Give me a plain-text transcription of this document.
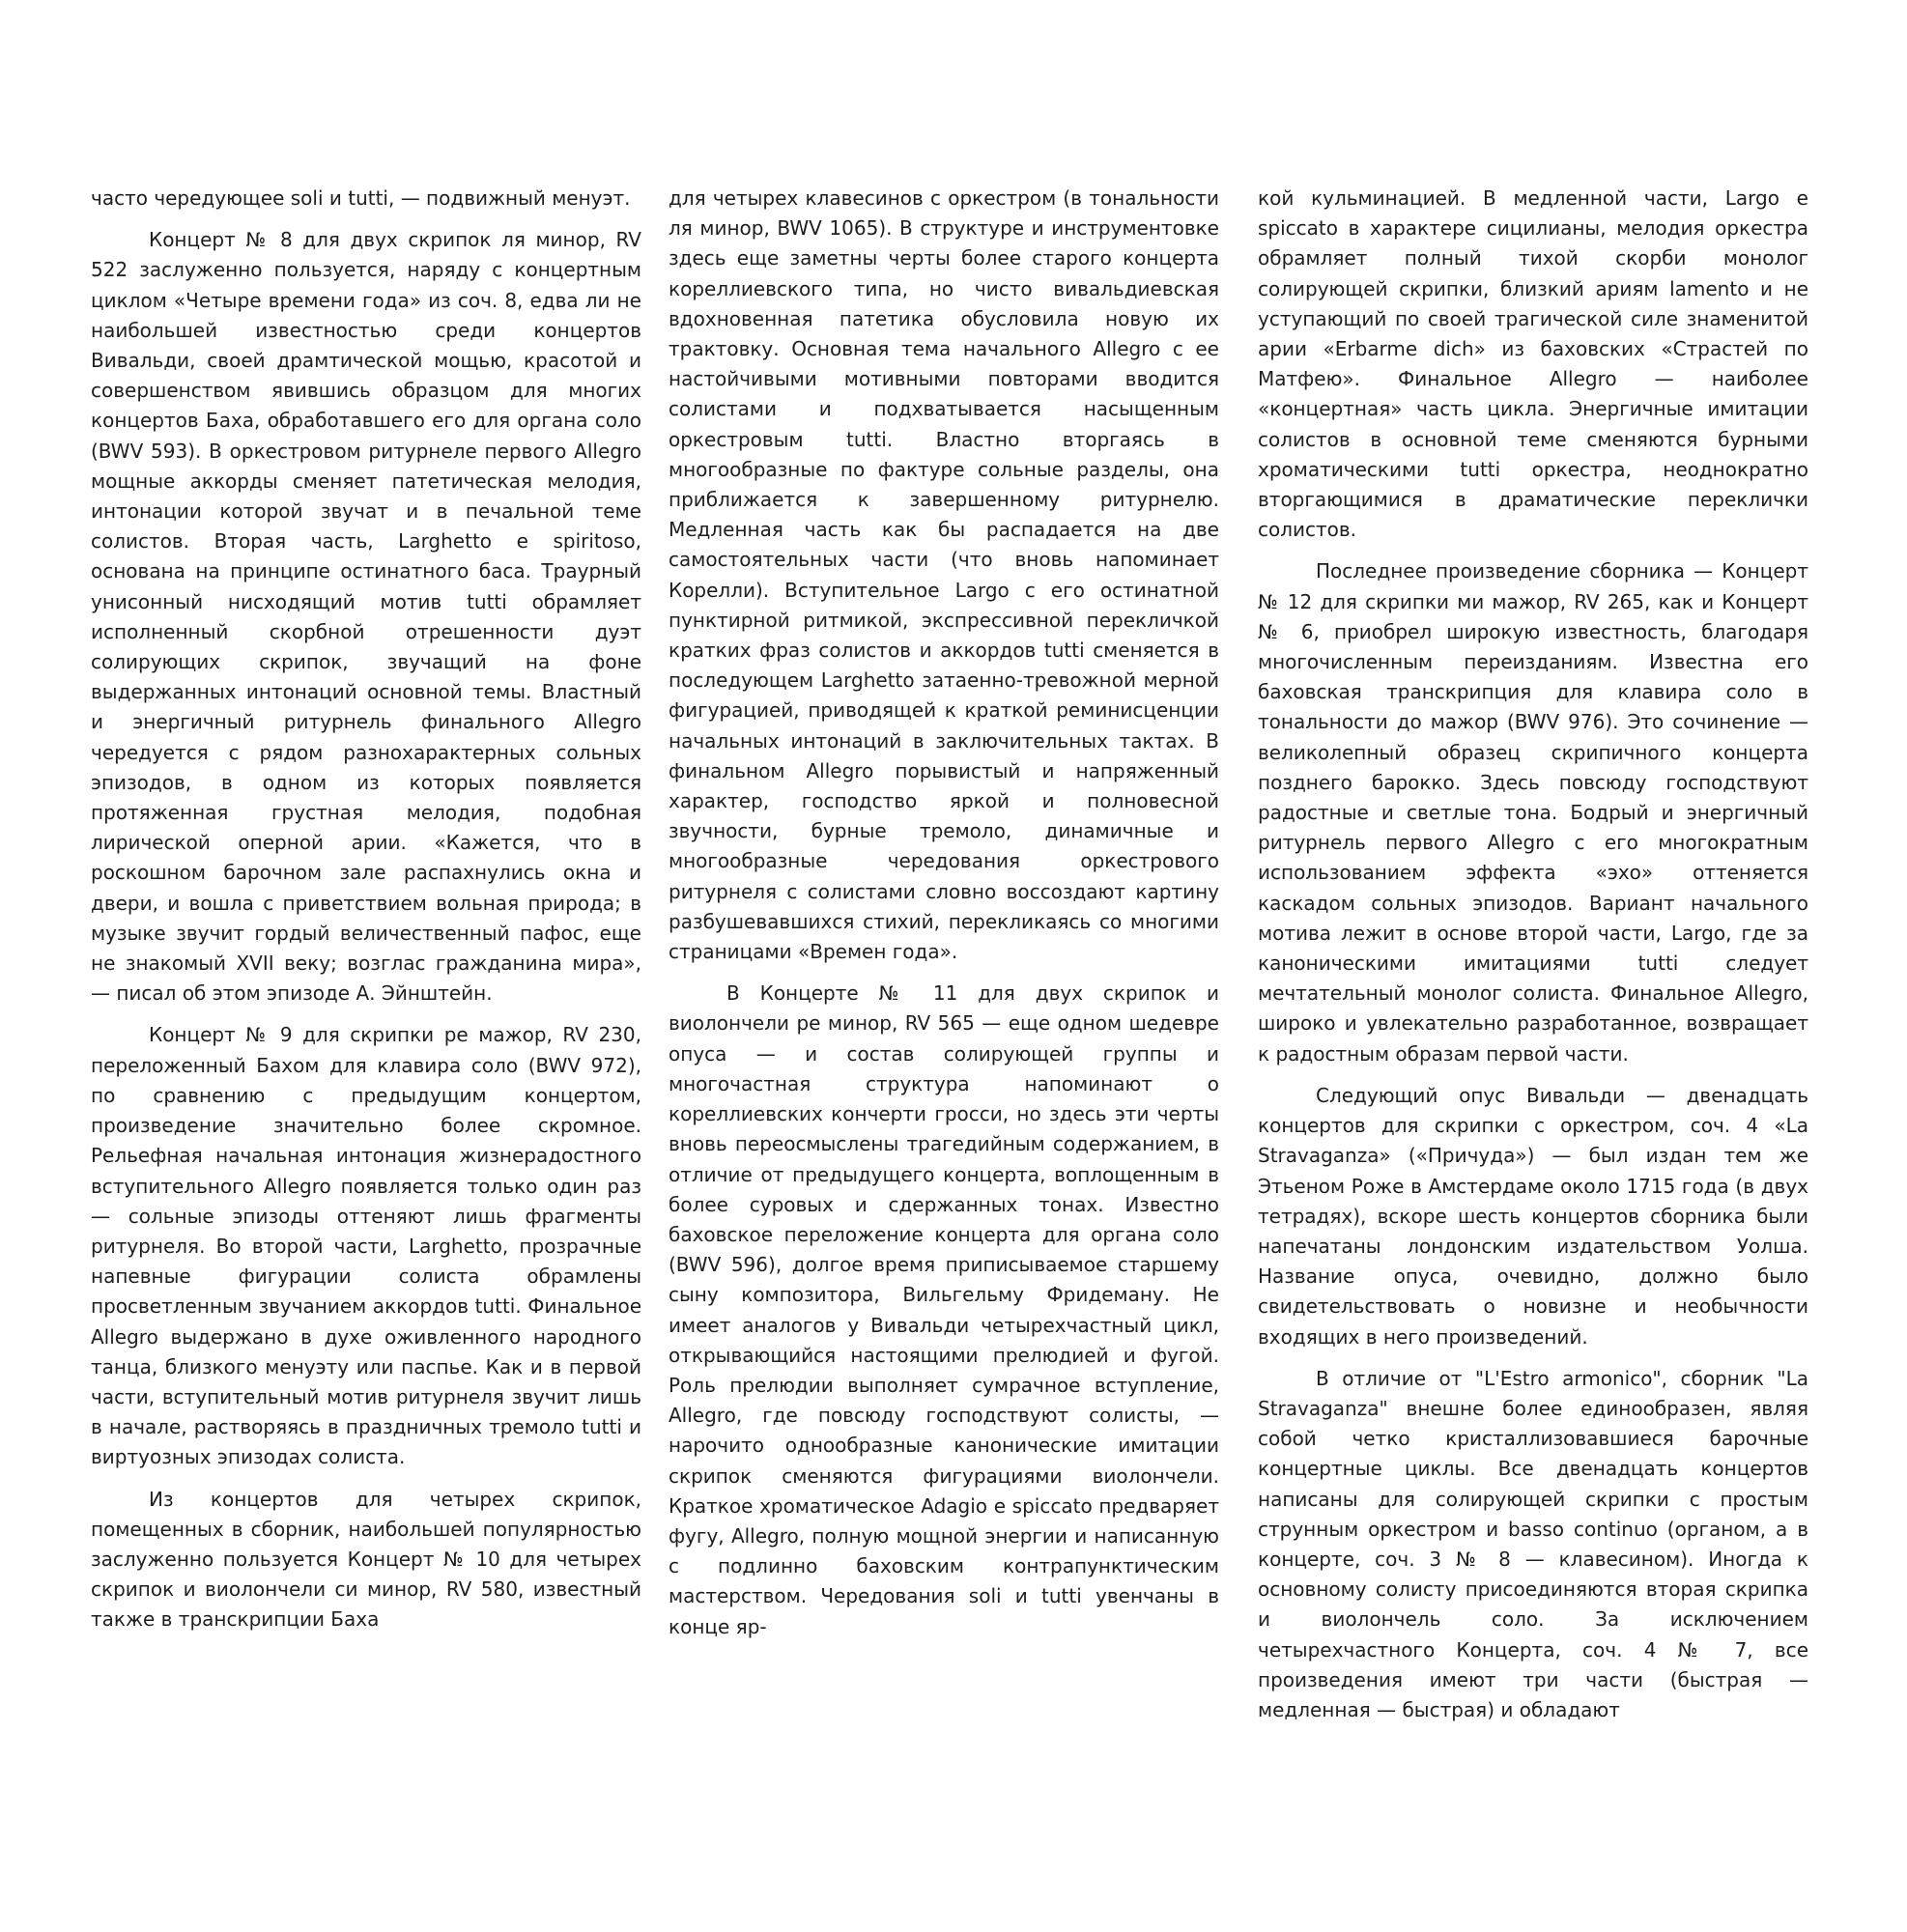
часто чередующее soli и tutti, — подвижный менуэт.

Концерт № 8 для двух скрипок ля минор, RV 522 заслуженно пользуется, наряду с концертным циклом «Четыре времени года» из соч. 8, едва ли не наибольшей известностью среди концертов Вивальди, своей драмтической мощью, красотой и совершенством явившись образцом для многих концертов Баха, обработавшего его для органа соло (BWV 593). В оркестровом ритурнеле первого Allegro мощные аккорды сменяет патетическая мелодия, интонации которой звучат и в печальной теме солистов. Вторая часть, Larghetto e spiritoso, основана на принципе остинатного баса. Траурный унисонный нисходящий мотив tutti обрамляет исполненный скорбной отрешенности дуэт солирующих скрипок, звучащий на фоне выдержанных интонаций основной темы. Властный и энергичный ритурнель финального Allegro чередуется с рядом разнохарактерных сольных эпизодов, в одном из которых появляется протяженная грустная мелодия, подобная лирической оперной арии. «Кажется, что в роскошном барочном зале распахнулись окна и двери, и вошла с приветствием вольная природа; в музыке звучит гордый величественный пафос, еще не знакомый XVII веку; возглас гражданина мира», — писал об этом эпизоде А. Эйнштейн.

Концерт № 9 для скрипки ре мажор, RV 230, переложенный Бахом для клавира соло (BWV 972), по сравнению с предыдущим концертом, произведение значительно более скромное. Рельефная начальная интонация жизнерадостного вступительного Allegro появляется только один раз — сольные эпизоды оттеняют лишь фрагменты ритурнеля. Во второй части, Larghetto, прозрачные напевные фигурации солиста обрамлены просветленным звучанием аккордов tutti. Финальное Allegro выдержано в духе оживленного народного танца, близкого менуэту или паспье. Как и в первой части, вступительный мотив ритурнеля звучит лишь в начале, растворяясь в праздничных тремоло tutti и виртуозных эпизодах солиста.

Из концертов для четырех скрипок, помещенных в сборник, наибольшей популярностью заслуженно пользуется Концерт № 10 для четырех скрипок и виолончели си минор, RV 580, известный также в транскрипции Баха

для четырех клавесинов с оркестром (в тональности ля минор, BWV 1065). В структуре и инструментовке здесь еще заметны черты более старого концерта кореллиевского типа, но чисто вивальдиевская вдохновенная патетика обусловила новую их трактовку. Основная тема начального Allegro с ее настойчивыми мотивными повторами вводится солистами и подхватывается насыщенным оркестровым tutti. Властно вторгаясь в многообразные по фактуре сольные разделы, она приближается к завершенному ритурнелю. Медленная часть как бы распадается на две самостоятельных части (что вновь напоминает Корелли). Вступительное Largo с его остинатной пунктирной ритмикой, экспрессивной перекличкой кратких фраз солистов и аккордов tutti сменяется в последующем Larghetto затаенно-тревожной мерной фигурацией, приводящей к краткой реминисценции начальных интонаций в заключительных тактах. В финальном Allegro порывистый и напряженный характер, господство яркой и полновесной звучности, бурные тремоло, динамичные и многообразные чередования оркестрового ритурнеля с солистами словно воссоздают картину разбушевавшихся стихий, перекликаясь со многими страницами «Времен года».

В Концерте № 11 для двух скрипок и виолончели ре минор, RV 565 — еще одном шедевре опуса — и состав солирующей группы и многочастная структура напоминают о кореллиевских кончерти гросси, но здесь эти черты вновь переосмыслены трагедийным содержанием, в отличие от предыдущего концерта, воплощенным в более суровых и сдержанных тонах. Известно баховское переложение концерта для органа соло (BWV 596), долгое время приписываемое старшему сыну композитора, Вильгельму Фридеману. Не имеет аналогов у Вивальди четырехчастный цикл, открывающийся настоящими прелюдией и фугой. Роль прелюдии выполняет сумрачное вступление, Allegro, где повсюду господствуют солисты, — нарочито однообразные канонические имитации скрипок сменяются фигурациями виолончели. Краткое хроматическое Adagio e spiccato предваряет фугу, Allegro, полную мощной энергии и написанную с подлинно баховским контрапунктическим мастерством. Чередования soli и tutti увенчаны в конце яр-

кой кульминацией. В медленной части, Largo e spiccato в характере сицилианы, мелодия оркестра обрамляет полный тихой скорби монолог солирующей скрипки, близкий ариям lamento и не уступающий по своей трагической силе знаменитой арии «Erbarme dich» из баховских «Страстей по Матфею». Финальное Allegro — наиболее «концертная» часть цикла. Энергичные имитации солистов в основной теме сменяются бурными хроматическими tutti оркестра, неоднократно вторгающимися в драматические переклички солистов.

Последнее произведение сборника — Концерт № 12 для скрипки ми мажор, RV 265, как и Концерт № 6, приобрел широкую известность, благодаря многочисленным переизданиям. Известна его баховская транскрипция для клавира соло в тональности до мажор (BWV 976). Это сочинение — великолепный образец скрипичного концерта позднего барокко. Здесь повсюду господствуют радостные и светлые тона. Бодрый и энергичный ритурнель первого Allegro с его многократным использованием эффекта «эхо» оттеняется каскадом сольных эпизодов. Вариант начального мотива лежит в основе второй части, Largo, где за каноническими имитациями tutti следует мечтательный монолог солиста. Финальное Allegro, широко и увлекательно разработанное, возвращает к радостным образам первой части.

Следующий опус Вивальди — двенадцать концертов для скрипки с оркестром, соч. 4 «La Stravaganza» («Причуда») — был издан тем же Этьеном Роже в Амстердаме около 1715 года (в двух тетрадях), вскоре шесть концертов сборника были напечатаны лондонским издательством Уолша. Название опуса, очевидно, должно было свидетельствовать о новизне и необычности входящих в него произведений.

В отличие от "L'Estro armonico", сборник "La Stravaganza" внешне более единообразен, являя собой четко кристаллизовавшиеся барочные концертные циклы. Все двенадцать концертов написаны для солирующей скрипки с простым струнным оркестром и basso continuo (органом, а в концерте, соч. 3 № 8 — клавесином). Иногда к основному солисту присоединяются вторая скрипка и виолончель соло. За исключением четырехчастного Концерта, соч. 4 № 7, все произведения имеют три части (быстрая — медленная — быстрая) и обладают
